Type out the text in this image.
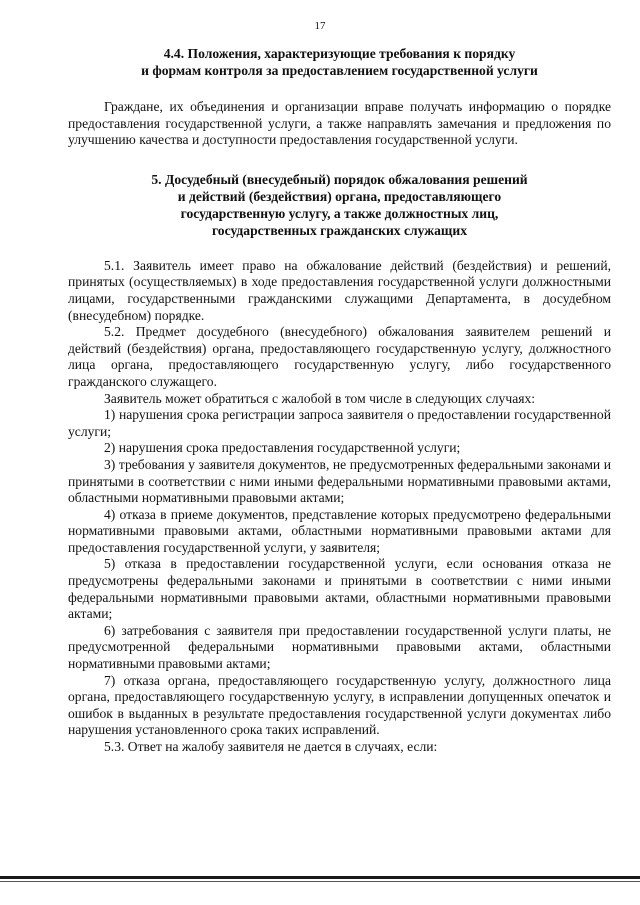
17
4.4. Положения, характеризующие требования к порядку
и формам контроля за предоставлением государственной услуги

Граждане, их объединения и организации вправе получать информацию о порядке предоставления государственной услуги, а также направлять замечания и предложения по улучшению качества и доступности предоставления государственной услуги.

5. Досудебный (внесудебный) порядок обжалования решений
и действий (бездействия) органа, предоставляющего
государственную услугу, а также должностных лиц,
государственных гражданских служащих

5.1. Заявитель имеет право на обжалование действий (бездействия) и решений, принятых (осуществляемых) в ходе предоставления государственной услуги должностными лицами, государственными гражданскими служащими Департамента, в досудебном (внесудебном) порядке.

5.2. Предмет досудебного (внесудебного) обжалования заявителем решений и действий (бездействия) органа, предоставляющего государственную услугу, должностного лица органа, предоставляющего государственную услугу, либо государственного гражданского служащего.

Заявитель может обратиться с жалобой в том числе в следующих случаях:

1) нарушения срока регистрации запроса заявителя о предоставлении государственной услуги;

2) нарушения срока предоставления государственной услуги;

3) требования у заявителя документов, не предусмотренных федеральными законами и принятыми в соответствии с ними иными федеральными нормативными правовыми актами, областными нормативными правовыми актами;

4) отказа в приеме документов, представление которых предусмотрено федеральными нормативными правовыми актами, областными нормативными правовыми актами для предоставления государственной услуги, у заявителя;

5) отказа в предоставлении государственной услуги, если основания отказа не предусмотрены федеральными законами и принятыми в соответствии с ними иными федеральными нормативными правовыми актами, областными нормативными правовыми актами;

6) затребования с заявителя при предоставлении государственной услуги платы, не предусмотренной федеральными нормативными правовыми актами, областными нормативными правовыми актами;

7) отказа органа, предоставляющего государственную услугу, должностного лица органа, предоставляющего государственную услугу, в исправлении допущенных опечаток и ошибок в выданных в результате предоставления государственной услуги документах либо нарушения установленного срока таких исправлений.

5.3. Ответ на жалобу заявителя не дается в случаях, если:
